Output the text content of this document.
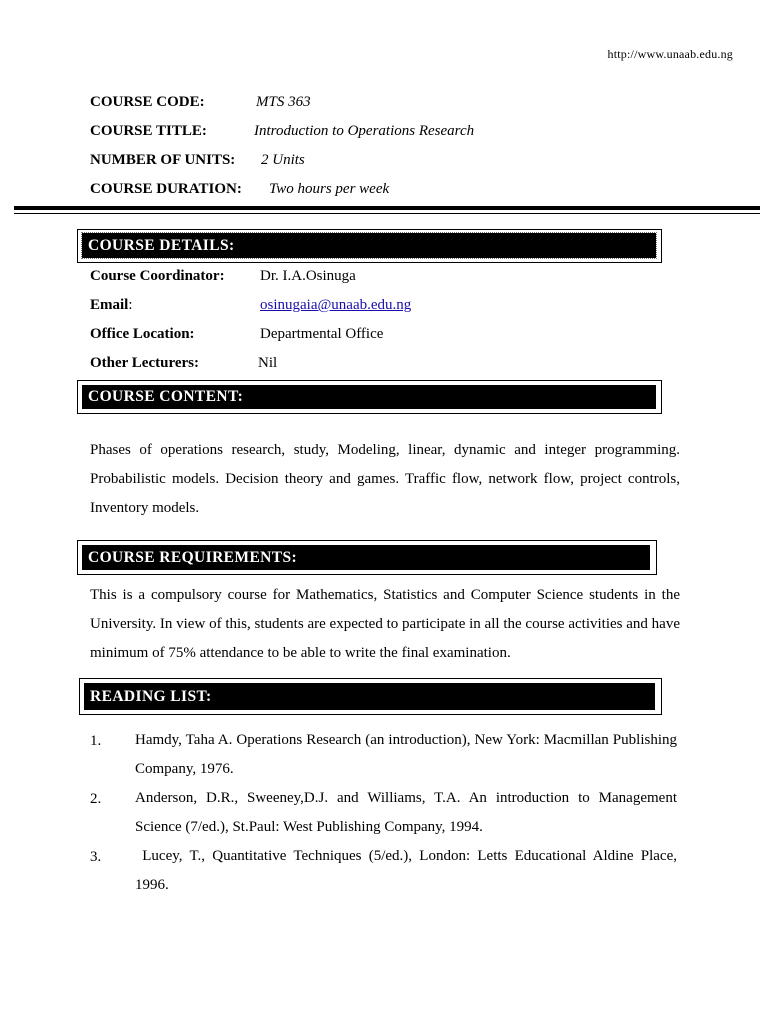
http://www.unaab.edu.ng
COURSE CODE:	MTS 363
COURSE TITLE:	Introduction to Operations Research
NUMBER OF UNITS: 2 Units
COURSE DURATION: Two hours per week
COURSE DETAILS:
Course Coordinator: Dr. I.A.Osinuga
Email:	osinugaia@unaab.edu.ng
Office Location:	Departmental Office
Other Lecturers:	Nil
COURSE CONTENT:
Phases of operations research, study, Modeling, linear, dynamic and integer programming. Probabilistic models. Decision theory and games. Traffic flow, network flow, project controls, Inventory models.
COURSE REQUIREMENTS:
This is a compulsory course for Mathematics, Statistics and Computer Science students in the University. In view of this, students are expected to participate in all the course activities and have minimum of 75% attendance to be able to write the final examination.
READING LIST:
1. Hamdy, Taha A. Operations Research (an introduction), New York: Macmillan Publishing Company, 1976.
2. Anderson, D.R., Sweeney,D.J. and Williams, T.A. An introduction to Management Science (7/ed.), St.Paul: West Publishing Company, 1994.
3. Lucey, T., Quantitative Techniques (5/ed.), London: Letts Educational Aldine Place, 1996.
